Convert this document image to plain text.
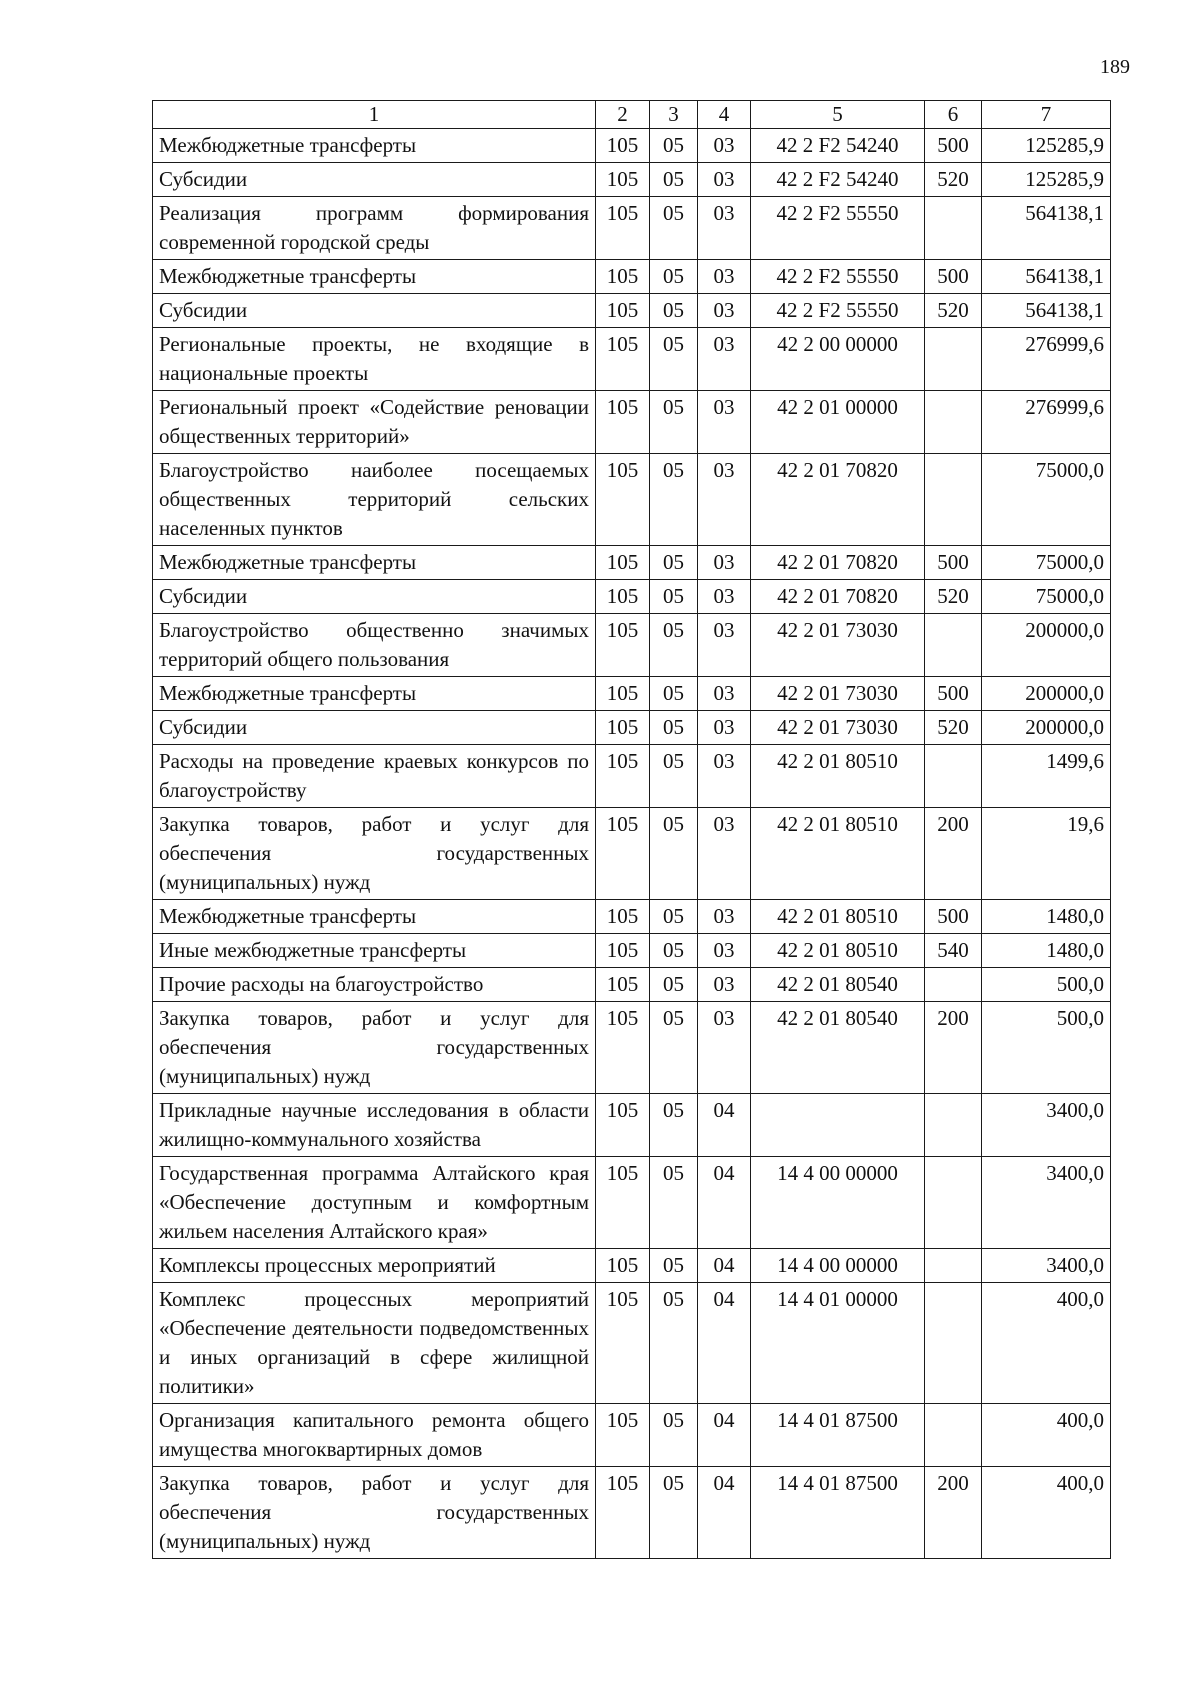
189
1	2	3	4	5	6	7
Межбюджетные трансферты	105	05	03	42 2 F2 54240	500	125285,9
Субсидии	105	05	03	42 2 F2 54240	520	125285,9
Реализация программ формирования современной городской среды	105	05	03	42 2 F2 55550		564138,1
Межбюджетные трансферты	105	05	03	42 2 F2 55550	500	564138,1
Субсидии	105	05	03	42 2 F2 55550	520	564138,1
Региональные проекты, не входящие в национальные проекты	105	05	03	42 2 00 00000		276999,6
Региональный проект «Содействие реновации общественных территорий»	105	05	03	42 2 01 00000		276999,6
Благоустройство наиболее посещаемых общественных территорий сельских населенных пунктов	105	05	03	42 2 01 70820		75000,0
Межбюджетные трансферты	105	05	03	42 2 01 70820	500	75000,0
Субсидии	105	05	03	42 2 01 70820	520	75000,0
Благоустройство общественно значимых территорий общего пользования	105	05	03	42 2 01 73030		200000,0
Межбюджетные трансферты	105	05	03	42 2 01 73030	500	200000,0
Субсидии	105	05	03	42 2 01 73030	520	200000,0
Расходы на проведение краевых конкурсов по благоустройству	105	05	03	42 2 01 80510		1499,6
Закупка товаров, работ и услуг для обеспечения государственных (муниципальных) нужд	105	05	03	42 2 01 80510	200	19,6
Межбюджетные трансферты	105	05	03	42 2 01 80510	500	1480,0
Иные межбюджетные трансферты	105	05	03	42 2 01 80510	540	1480,0
Прочие расходы на благоустройство	105	05	03	42 2 01 80540		500,0
Закупка товаров, работ и услуг для обеспечения государственных (муниципальных) нужд	105	05	03	42 2 01 80540	200	500,0
Прикладные научные исследования в области жилищно-коммунального хозяйства	105	05	04			3400,0
Государственная программа Алтайского края «Обеспечение доступным и комфортным жильем населения Алтайского края»	105	05	04	14 4 00 00000		3400,0
Комплексы процессных мероприятий	105	05	04	14 4 00 00000		3400,0
Комплекс процессных мероприятий «Обеспечение деятельности подведомственных и иных организаций в сфере жилищной политики»	105	05	04	14 4 01 00000		400,0
Организация капитального ремонта общего имущества многоквартирных домов	105	05	04	14 4 01 87500		400,0
Закупка товаров, работ и услуг для обеспечения государственных (муниципальных) нужд	105	05	04	14 4 01 87500	200	400,0
